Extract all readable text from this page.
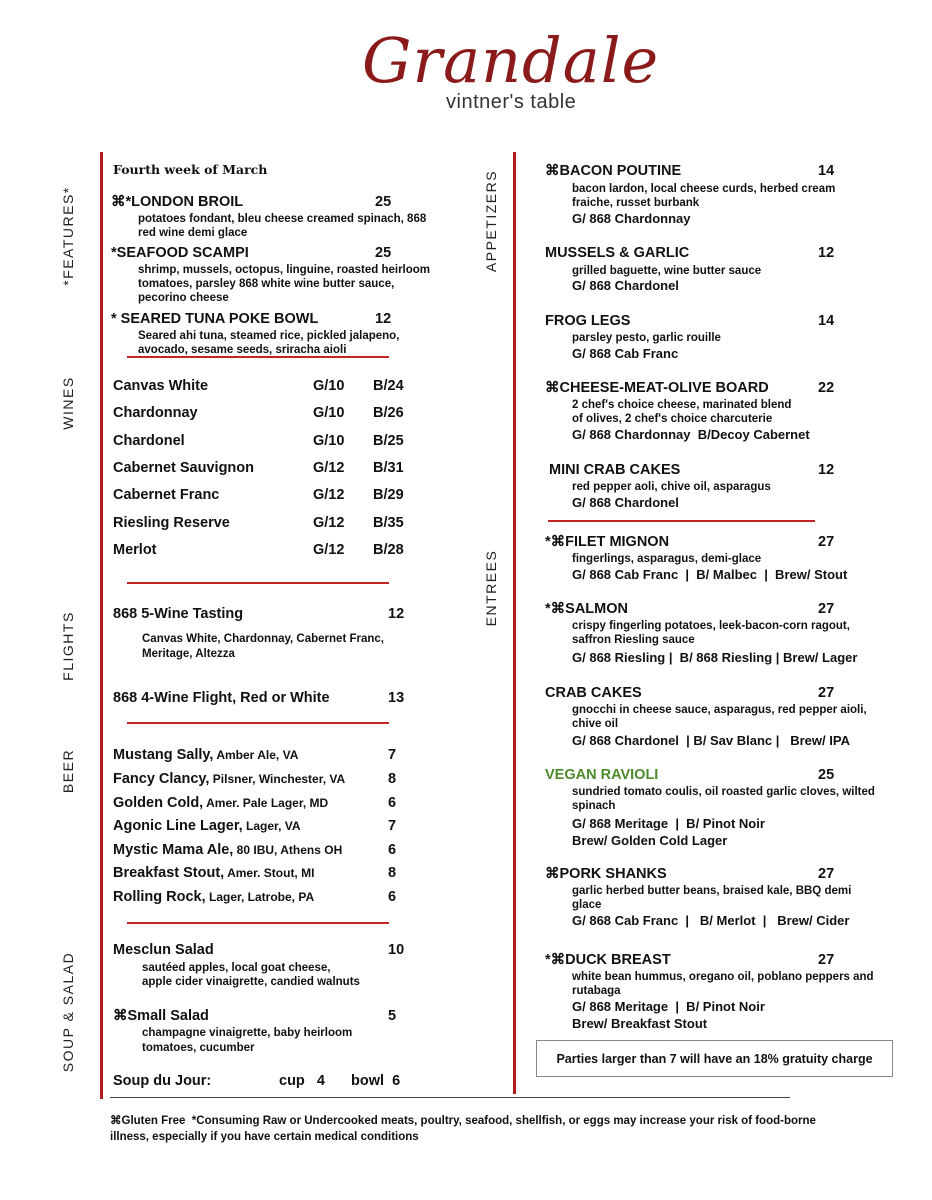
Grandale
vintner's table
*FEATURES*
WINES
FLIGHTS
BEER
SOUP & SALAD
APPETIZERS
ENTREES
Fourth week of March
⌘*LONDON BROIL	25
potatoes fondant, bleu cheese creamed spinach, 868
red wine demi glace
*SEAFOOD SCAMPI	25
shrimp, mussels, octopus, linguine, roasted heirloom
tomatoes, parsley 868 white wine butter sauce,
pecorino cheese
* SEARED TUNA POKE BOWL	12
Seared ahi tuna, steamed rice, pickled jalapeno,
avocado, sesame seeds, sriracha aioli
Canvas White	G/10 B/24
Chardonnay	G/10 B/26
Chardonel	G/10 B/25
Cabernet Sauvignon	G/12 B/31
Cabernet Franc	G/12 B/29
Riesling Reserve	G/12 B/35
Merlot	G/12 B/28
868 5-Wine Tasting	12
Canvas White, Chardonnay, Cabernet Franc,
Meritage, Altezza
868 4-Wine Flight, Red or White	13
Mustang Sally, Amber Ale, VA	7
Fancy Clancy, Pilsner, Winchester, VA	8
Golden Cold, Amer. Pale Lager, MD	6
Agonic Line Lager, Lager, VA	7
Mystic Mama Ale, 80 IBU, Athens OH	6
Breakfast Stout, Amer. Stout, MI	8
Rolling Rock, Lager, Latrobe, PA	6
Mesclun Salad	10
sautéed apples, local goat cheese,
apple cider vinaigrette, candied walnuts
⌘Small Salad	5
champagne vinaigrette, baby heirloom
tomatoes, cucumber
Soup du Jour:	cup   4 bowl  6
⌘BACON POUTINE	14
bacon lardon, local cheese curds, herbed cream
fraiche, russet burbank
G/ 868 Chardonnay
MUSSELS & GARLIC	12
grilled baguette, wine butter sauce
G/ 868 Chardonel
FROG LEGS	14
parsley pesto, garlic rouille
G/ 868 Cab Franc
⌘CHEESE-MEAT-OLIVE BOARD	22
2 chef's choice cheese, marinated blend
of olives, 2 chef's choice charcuterie
G/ 868 Chardonnay  B/Decoy Cabernet
MINI CRAB CAKES	12
red pepper aoli, chive oil, asparagus
G/ 868 Chardonel
*⌘FILET MIGNON	27
fingerlings, asparagus, demi-glace
G/ 868 Cab Franc  |  B/ Malbec  |  Brew/ Stout
*⌘SALMON	27
crispy fingerling potatoes, leek-bacon-corn ragout,
saffron Riesling sauce
G/ 868 Riesling |  B/ 868 Riesling | Brew/ Lager
CRAB CAKES	27
gnocchi in cheese sauce, asparagus, red pepper aioli,
chive oil
G/ 868 Chardonel  | B/ Sav Blanc |   Brew/ IPA
VEGAN RAVIOLI	25
sundried tomato coulis, oil roasted garlic cloves, wilted
spinach
G/ 868 Meritage  |  B/ Pinot Noir
Brew/ Golden Cold Lager
⌘PORK SHANKS	27
garlic herbed butter beans, braised kale, BBQ demi
glace
G/ 868 Cab Franc  |   B/ Merlot  |   Brew/ Cider
*⌘DUCK BREAST	27
white bean hummus, oregano oil, poblano peppers and
rutabaga
G/ 868 Meritage  |  B/ Pinot Noir
Brew/ Breakfast Stout
Parties larger than 7 will have an 18% gratuity charge
⌘Gluten Free *Consuming Raw or Undercooked meats, poultry, seafood, shellfish, or eggs may increase your risk of food-borne
illness, especially if you have certain medical conditions
